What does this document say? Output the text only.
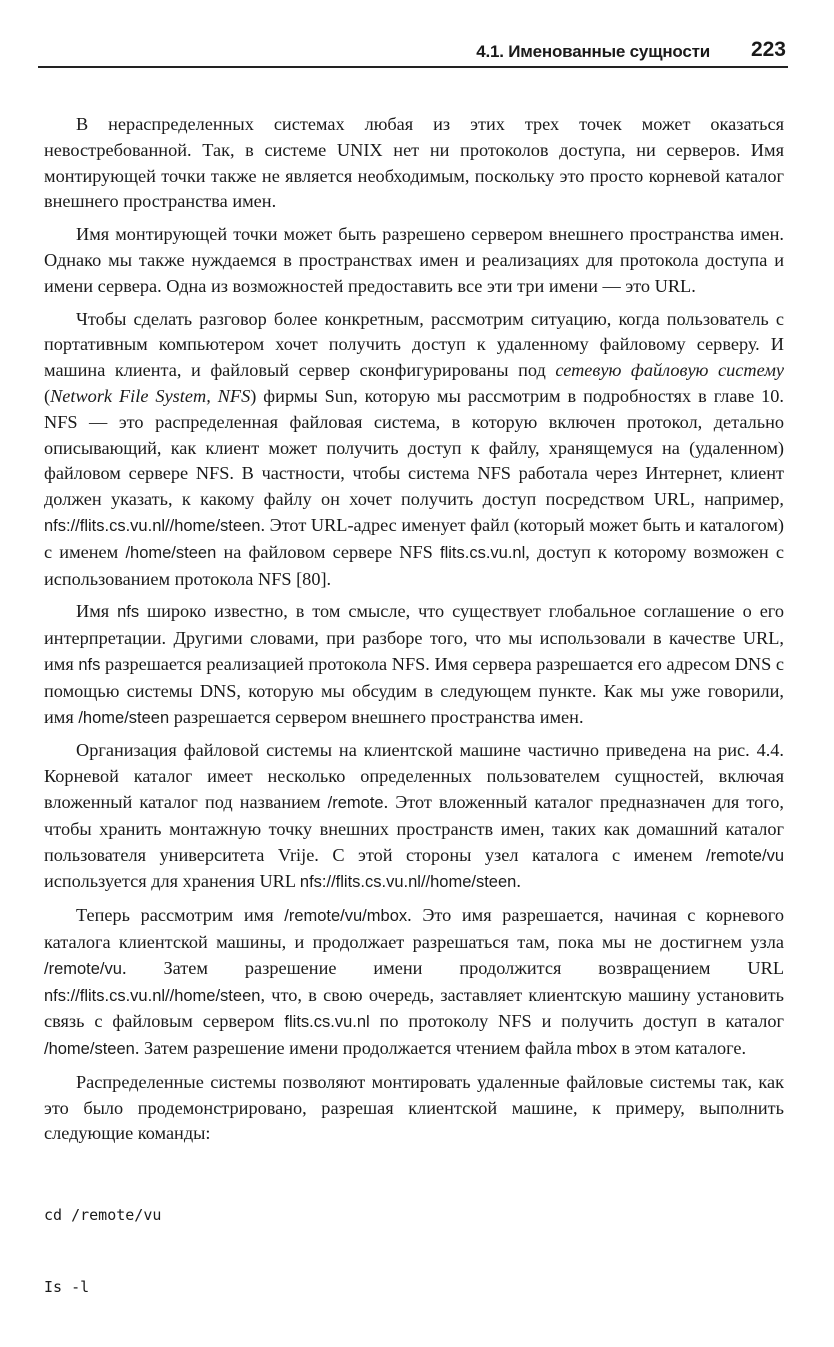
4.1. Именованные сущности 223

В нераспределенных системах любая из этих трех точек может оказаться невостребованной. Так, в системе UNIX нет ни протоколов доступа, ни серверов. Имя монтирующей точки также не является необходимым, поскольку это просто корневой каталог внешнего пространства имен.

Имя монтирующей точки может быть разрешено сервером внешнего пространства имен. Однако мы также нуждаемся в пространствах имен и реализациях для протокола доступа и имени сервера. Одна из возможностей предоставить все эти три имени — это URL.

Чтобы сделать разговор более конкретным, рассмотрим ситуацию, когда пользователь с портативным компьютером хочет получить доступ к удаленному файловому серверу. И машина клиента, и файловый сервер сконфигурированы под сетевую файловую систему (Network File System, NFS) фирмы Sun, которую мы рассмотрим в подробностях в главе 10. NFS — это распределенная файловая система, в которую включен протокол, детально описывающий, как клиент может получить доступ к файлу, хранящемуся на (удаленном) файловом сервере NFS. В частности, чтобы система NFS работала через Интернет, клиент должен указать, к какому файлу он хочет получить доступ посредством URL, например, nfs://flits.cs.vu.nl//home/steen. Этот URL-адрес именует файл (который может быть и каталогом) с именем /home/steen на файловом сервере NFS flits.cs.vu.nl, доступ к которому возможен с использованием протокола NFS [80].

Имя nfs широко известно, в том смысле, что существует глобальное соглашение о его интерпретации. Другими словами, при разборе того, что мы использовали в качестве URL, имя nfs разрешается реализацией протокола NFS. Имя сервера разрешается его адресом DNS с помощью системы DNS, которую мы обсудим в следующем пункте. Как мы уже говорили, имя /home/steen разрешается сервером внешнего пространства имен.

Организация файловой системы на клиентской машине частично приведена на рис. 4.4. Корневой каталог имеет несколько определенных пользователем сущностей, включая вложенный каталог под названием /remote. Этот вложенный каталог предназначен для того, чтобы хранить монтажную точку внешних пространств имен, таких как домашний каталог пользователя университета Vrije. С этой стороны узел каталога с именем /remote/vu используется для хранения URL nfs://flits.cs.vu.nl//home/steen.

Теперь рассмотрим имя /remote/vu/mbox. Это имя разрешается, начиная с корневого каталога клиентской машины, и продолжает разрешаться там, пока мы не достигнем узла /remote/vu. Затем разрешение имени продолжится возвращением URL nfs://flits.cs.vu.nl//home/steen, что, в свою очередь, заставляет клиентскую машину установить связь с файловым сервером flits.cs.vu.nl по протоколу NFS и получить доступ в каталог /home/steen. Затем разрешение имени продолжается чтением файла mbox в этом каталоге.

Распределенные системы позволяют монтировать удаленные файловые системы так, как это было продемонстрировано, разрешая клиентской машине, к примеру, выполнить следующие команды:

cd /remote/vu

Is -l
